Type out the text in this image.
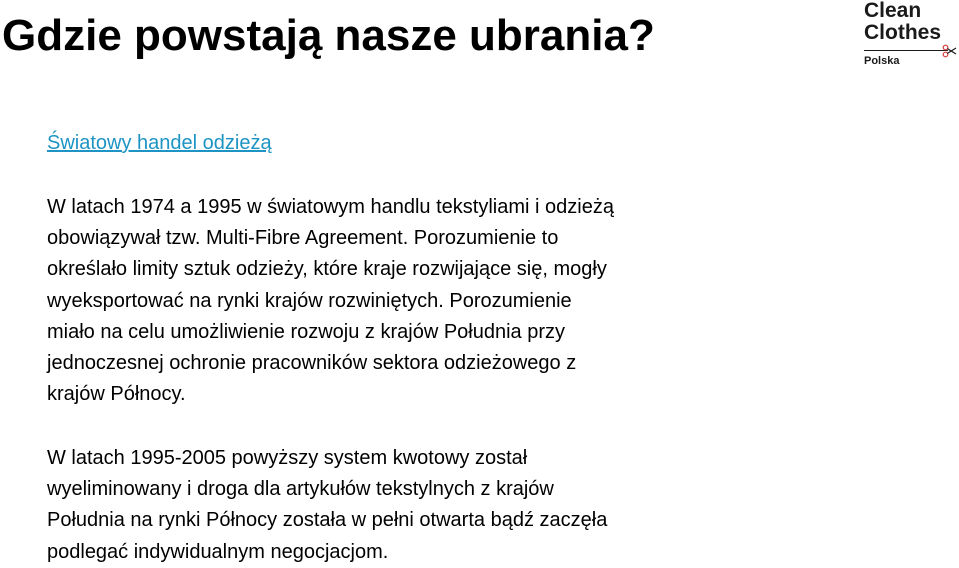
Gdzie powstają nasze ubrania?
Clean
Clothes
Polska
Światowy handel odzieżą
W latach 1974 a 1995 w światowym handlu tekstyliami i odzieżą
obowiązywał tzw. Multi-Fibre Agreement. Porozumienie to
określało limity sztuk odzieży, które kraje rozwijające się, mogły
wyeksportować na rynki krajów rozwiniętych. Porozumienie
miało na celu umożliwienie rozwoju z krajów Południa przy
jednoczesnej ochronie pracowników sektora odzieżowego z
krajów Północy.
W latach 1995-2005 powyższy system kwotowy został
wyeliminowany i droga dla artykułów tekstylnych z krajów
Południa na rynki Północy została w pełni otwarta bądź zaczęła
podlegać indywidualnym negocjacjom.
